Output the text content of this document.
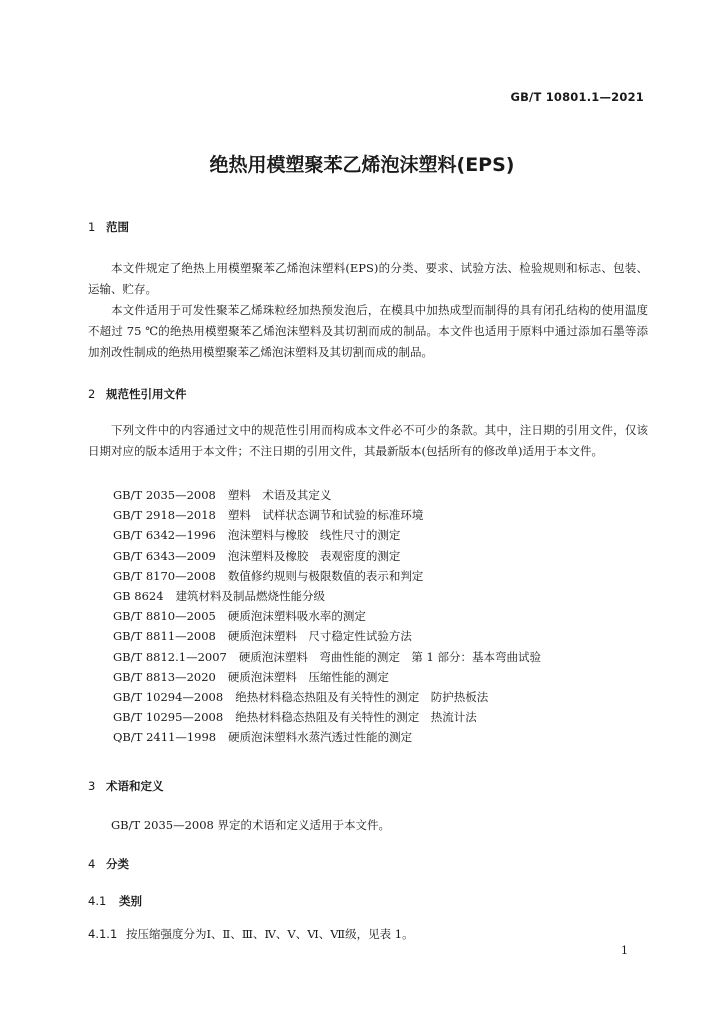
GB/T 10801.1—2021
绝热用模塑聚苯乙烯泡沫塑料(EPS)
1 范围
本文件规定了绝热上用模塑聚苯乙烯泡沫塑料(EPS)的分类、要求、试验方法、检验规则和标志、包装、运输、贮存。
本文件适用于可发性聚苯乙烯珠粒经加热预发泡后，在模具中加热成型而制得的具有闭孔结构的使用温度不超过 75 ℃的绝热用模塑聚苯乙烯泡沫塑料及其切割而成的制品。本文件也适用于原料中通过添加石墨等添加剂改性制成的绝热用模塑聚苯乙烯泡沫塑料及其切割而成的制品。
2 规范性引用文件
下列文件中的内容通过文中的规范性引用而构成本文件必不可少的条款。其中，注日期的引用文件，仅该日期对应的版本适用于本文件；不注日期的引用文件，其最新版本(包括所有的修改单)适用于本文件。
GB/T 2035—2008 塑料　术语及其定义
GB/T 2918—2018 塑料　试样状态调节和试验的标准环境
GB/T 6342—1996 泡沫塑料与橡胶　线性尺寸的测定
GB/T 6343—2009 泡沫塑料及橡胶　表观密度的测定
GB/T 8170—2008 数值修约规则与极限数值的表示和判定
GB 8624 建筑材料及制品燃烧性能分级
GB/T 8810—2005 硬质泡沫塑料吸水率的测定
GB/T 8811—2008 硬质泡沫塑料　尺寸稳定性试验方法
GB/T 8812.1—2007 硬质泡沫塑料　弯曲性能的测定　第 1 部分：基本弯曲试验
GB/T 8813—2020 硬质泡沫塑料　压缩性能的测定
GB/T 10294—2008 绝热材料稳态热阻及有关特性的测定　防护热板法
GB/T 10295—2008 绝热材料稳态热阻及有关特性的测定　热流计法
QB/T 2411—1998 硬质泡沫塑料水蒸汽透过性能的测定
3 术语和定义
GB/T 2035—2008 界定的术语和定义适用于本文件。
4 分类
4.1 类别
4.1.1 按压缩强度分为Ⅰ、Ⅱ、Ⅲ、Ⅳ、Ⅴ、Ⅵ、Ⅶ级，见表 1。
1
